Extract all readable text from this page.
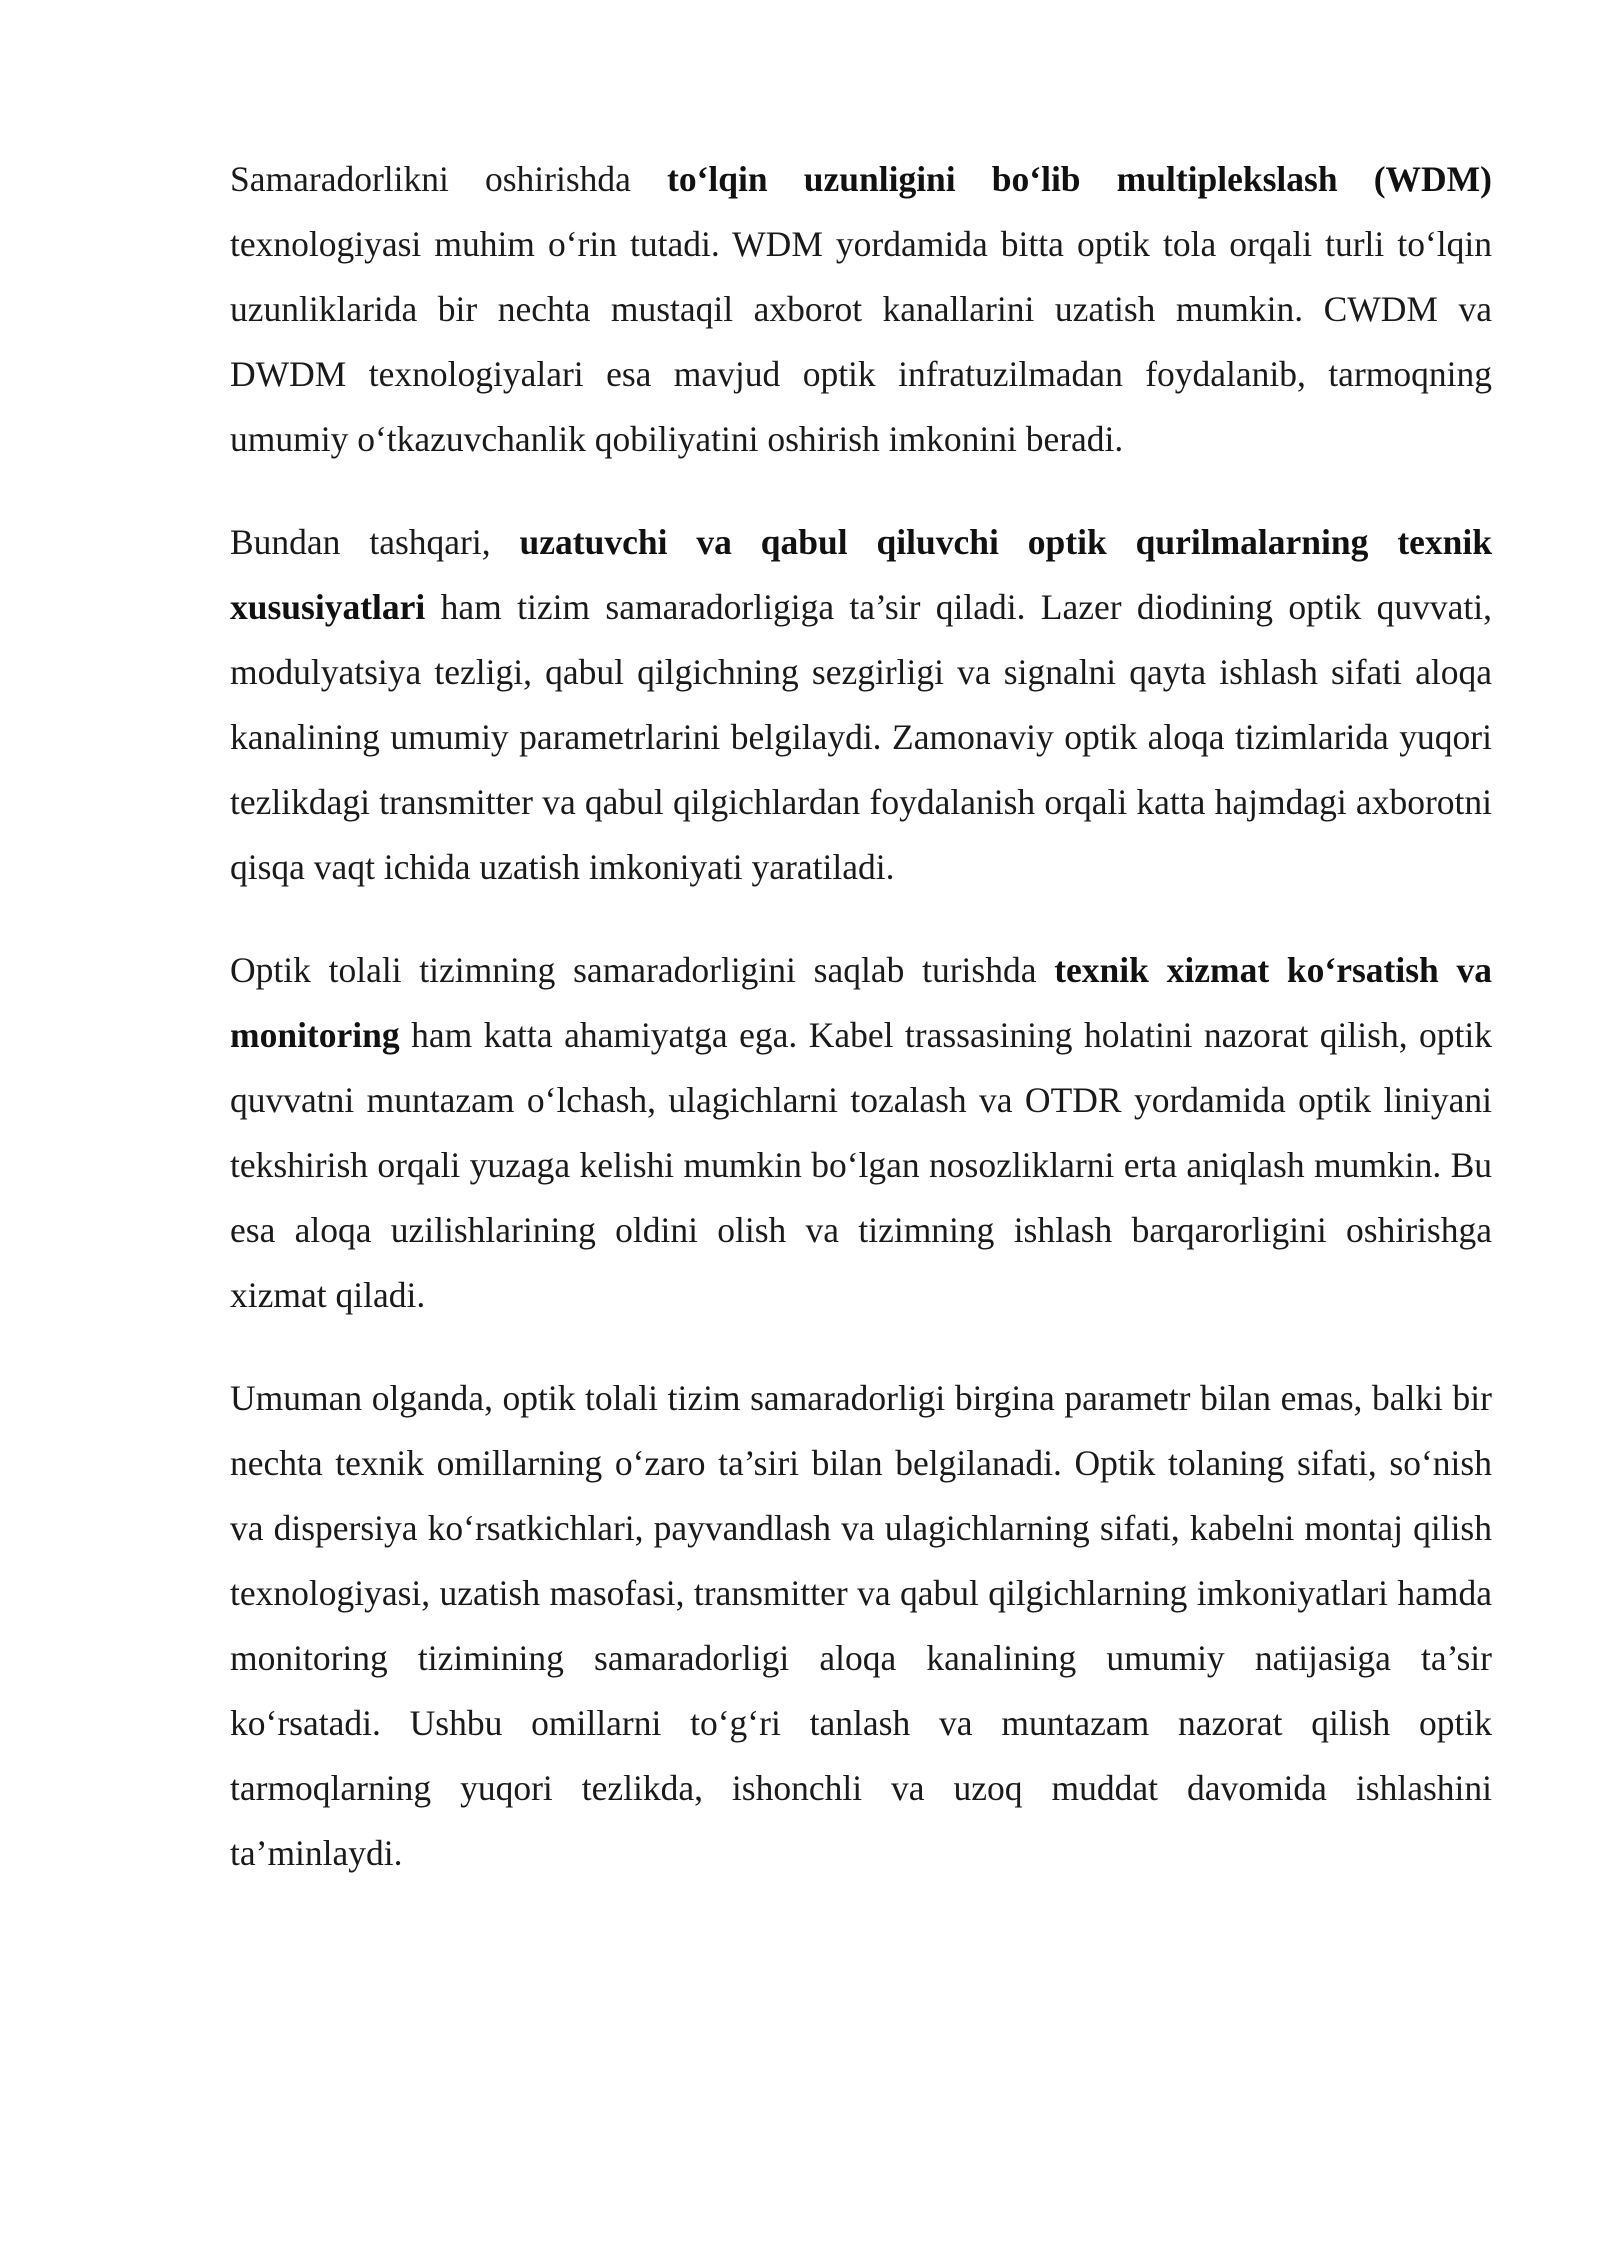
Samaradorlikni oshirishda to‘lqin uzunligini bo‘lib multiplekslash (WDM) texnologiyasi muhim o‘rin tutadi. WDM yordamida bitta optik tola orqali turli to‘lqin uzunliklarida bir nechta mustaqil axborot kanallarini uzatish mumkin. CWDM va DWDM texnologiyalari esa mavjud optik infratuzilmadan foydalanib, tarmoqning umumiy o‘tkazuvchanlik qobiliyatini oshirish imkonini beradi.

Bundan tashqari, uzatuvchi va qabul qiluvchi optik qurilmalarning texnik xususiyatlari ham tizim samaradorligiga ta’sir qiladi. Lazer diodining optik quvvati, modulyatsiya tezligi, qabul qilgichning sezgirligi va signalni qayta ishlash sifati aloqa kanalining umumiy parametrlarini belgilaydi. Zamonaviy optik aloqa tizimlarida yuqori tezlikdagi transmitter va qabul qilgichlardan foydalanish orqali katta hajmdagi axborotni qisqa vaqt ichida uzatish imkoniyati yaratiladi.

Optik tolali tizimning samaradorligini saqlab turishda texnik xizmat ko‘rsatish va monitoring ham katta ahamiyatga ega. Kabel trassasining holatini nazorat qilish, optik quvvatni muntazam o‘lchash, ulagichlarni tozalash va OTDR yordamida optik liniyani tekshirish orqali yuzaga kelishi mumkin bo‘lgan nosozliklarni erta aniqlash mumkin. Bu esa aloqa uzilishlarining oldini olish va tizimning ishlash barqarorligini oshirishga xizmat qiladi.

Umuman olganda, optik tolali tizim samaradorligi birgina parametr bilan emas, balki bir nechta texnik omillarning o‘zaro ta’siri bilan belgilanadi. Optik tolaning sifati, so‘nish va dispersiya ko‘rsatkichlari, payvandlash va ulagichlarning sifati, kabelni montaj qilish texnologiyasi, uzatish masofasi, transmitter va qabul qilgichlarning imkoniyatlari hamda monitoring tizimining samaradorligi aloqa kanalining umumiy natijasiga ta’sir ko‘rsatadi. Ushbu omillarni to‘g‘ri tanlash va muntazam nazorat qilish optik tarmoqlarning yuqori tezlikda, ishonchli va uzoq muddat davomida ishlashini ta’minlaydi.
